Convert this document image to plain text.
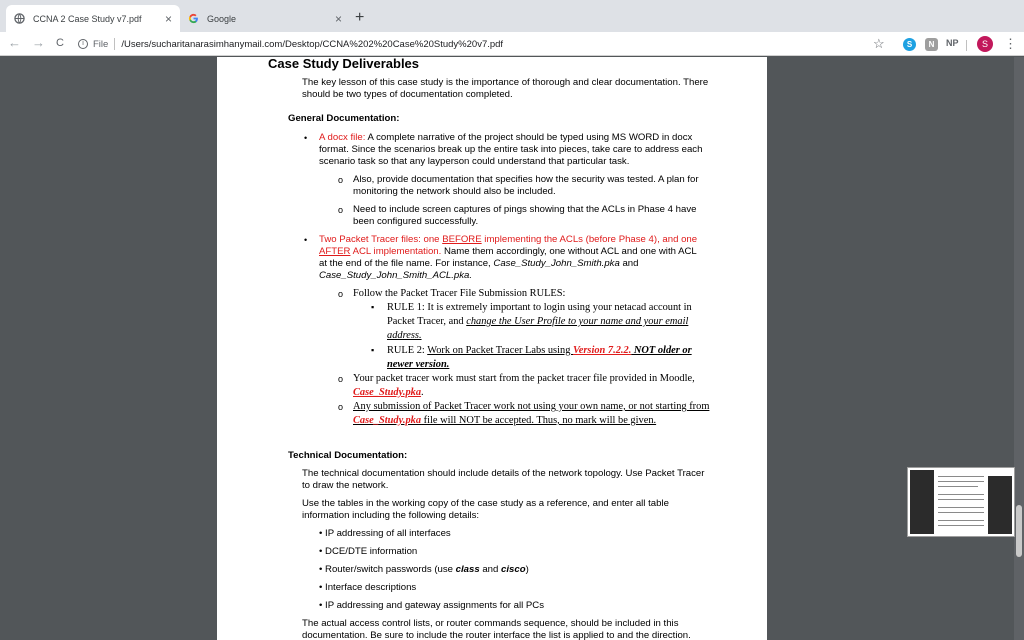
CCNA 2 Case Study v7.pdf	×	Google	× +
← → C	i File /Users/sucharitanarasimhanymail.com/Desktop/CCNA%202%20Case%20Study%20v7.pdf	☆	S	N	NP	S	⋮
Case Study Deliverables
The key lesson of this case study is the importance of thorough and clear documentation. There
should be two types of documentation completed.
General Documentation:
• A docx file: A complete narrative of the project should be typed using MS WORD in docx
format. Since the scenarios break up the entire task into pieces, take care to address each
scenario task so that any layperson could understand that particular task.
o Also, provide documentation that specifies how the security was tested. A plan for
monitoring the network should also be included.
o Need to include screen captures of pings showing that the ACLs in Phase 4 have
been configured successfully.
• Two Packet Tracer files: one BEFORE implementing the ACLs (before Phase 4), and one
AFTER ACL implementation. Name them accordingly, one without ACL and one with ACL
at the end of the file name. For instance, Case_Study_John_Smith.pka and
Case_Study_John_Smith_ACL.pka.
o Follow the Packet Tracer File Submission RULES:
▪ RULE 1: It is extremely important to login using your netacad account in
Packet Tracer, and change the User Profile to your name and your email
address.
▪ RULE 2: Work on Packet Tracer Labs using Version 7.2.2. NOT older or
newer version.
o Your packet tracer work must start from the packet tracer file provided in Moodle,
Case_Study.pka.
o Any submission of Packet Tracer work not using your own name, or not starting from
Case_Study.pka file will NOT be accepted. Thus, no mark will be given.
Technical Documentation:
The technical documentation should include details of the network topology. Use Packet Tracer
to draw the network.
Use the tables in the working copy of the case study as a reference, and enter all table
information including the following details:
• IP addressing of all interfaces
• DCE/DTE information
• Router/switch passwords (use class and cisco)
• Interface descriptions
• IP addressing and gateway assignments for all PCs
The actual access control lists, or router commands sequence, should be included in this
documentation. Be sure to include the router interface the list is applied to and the direction.
